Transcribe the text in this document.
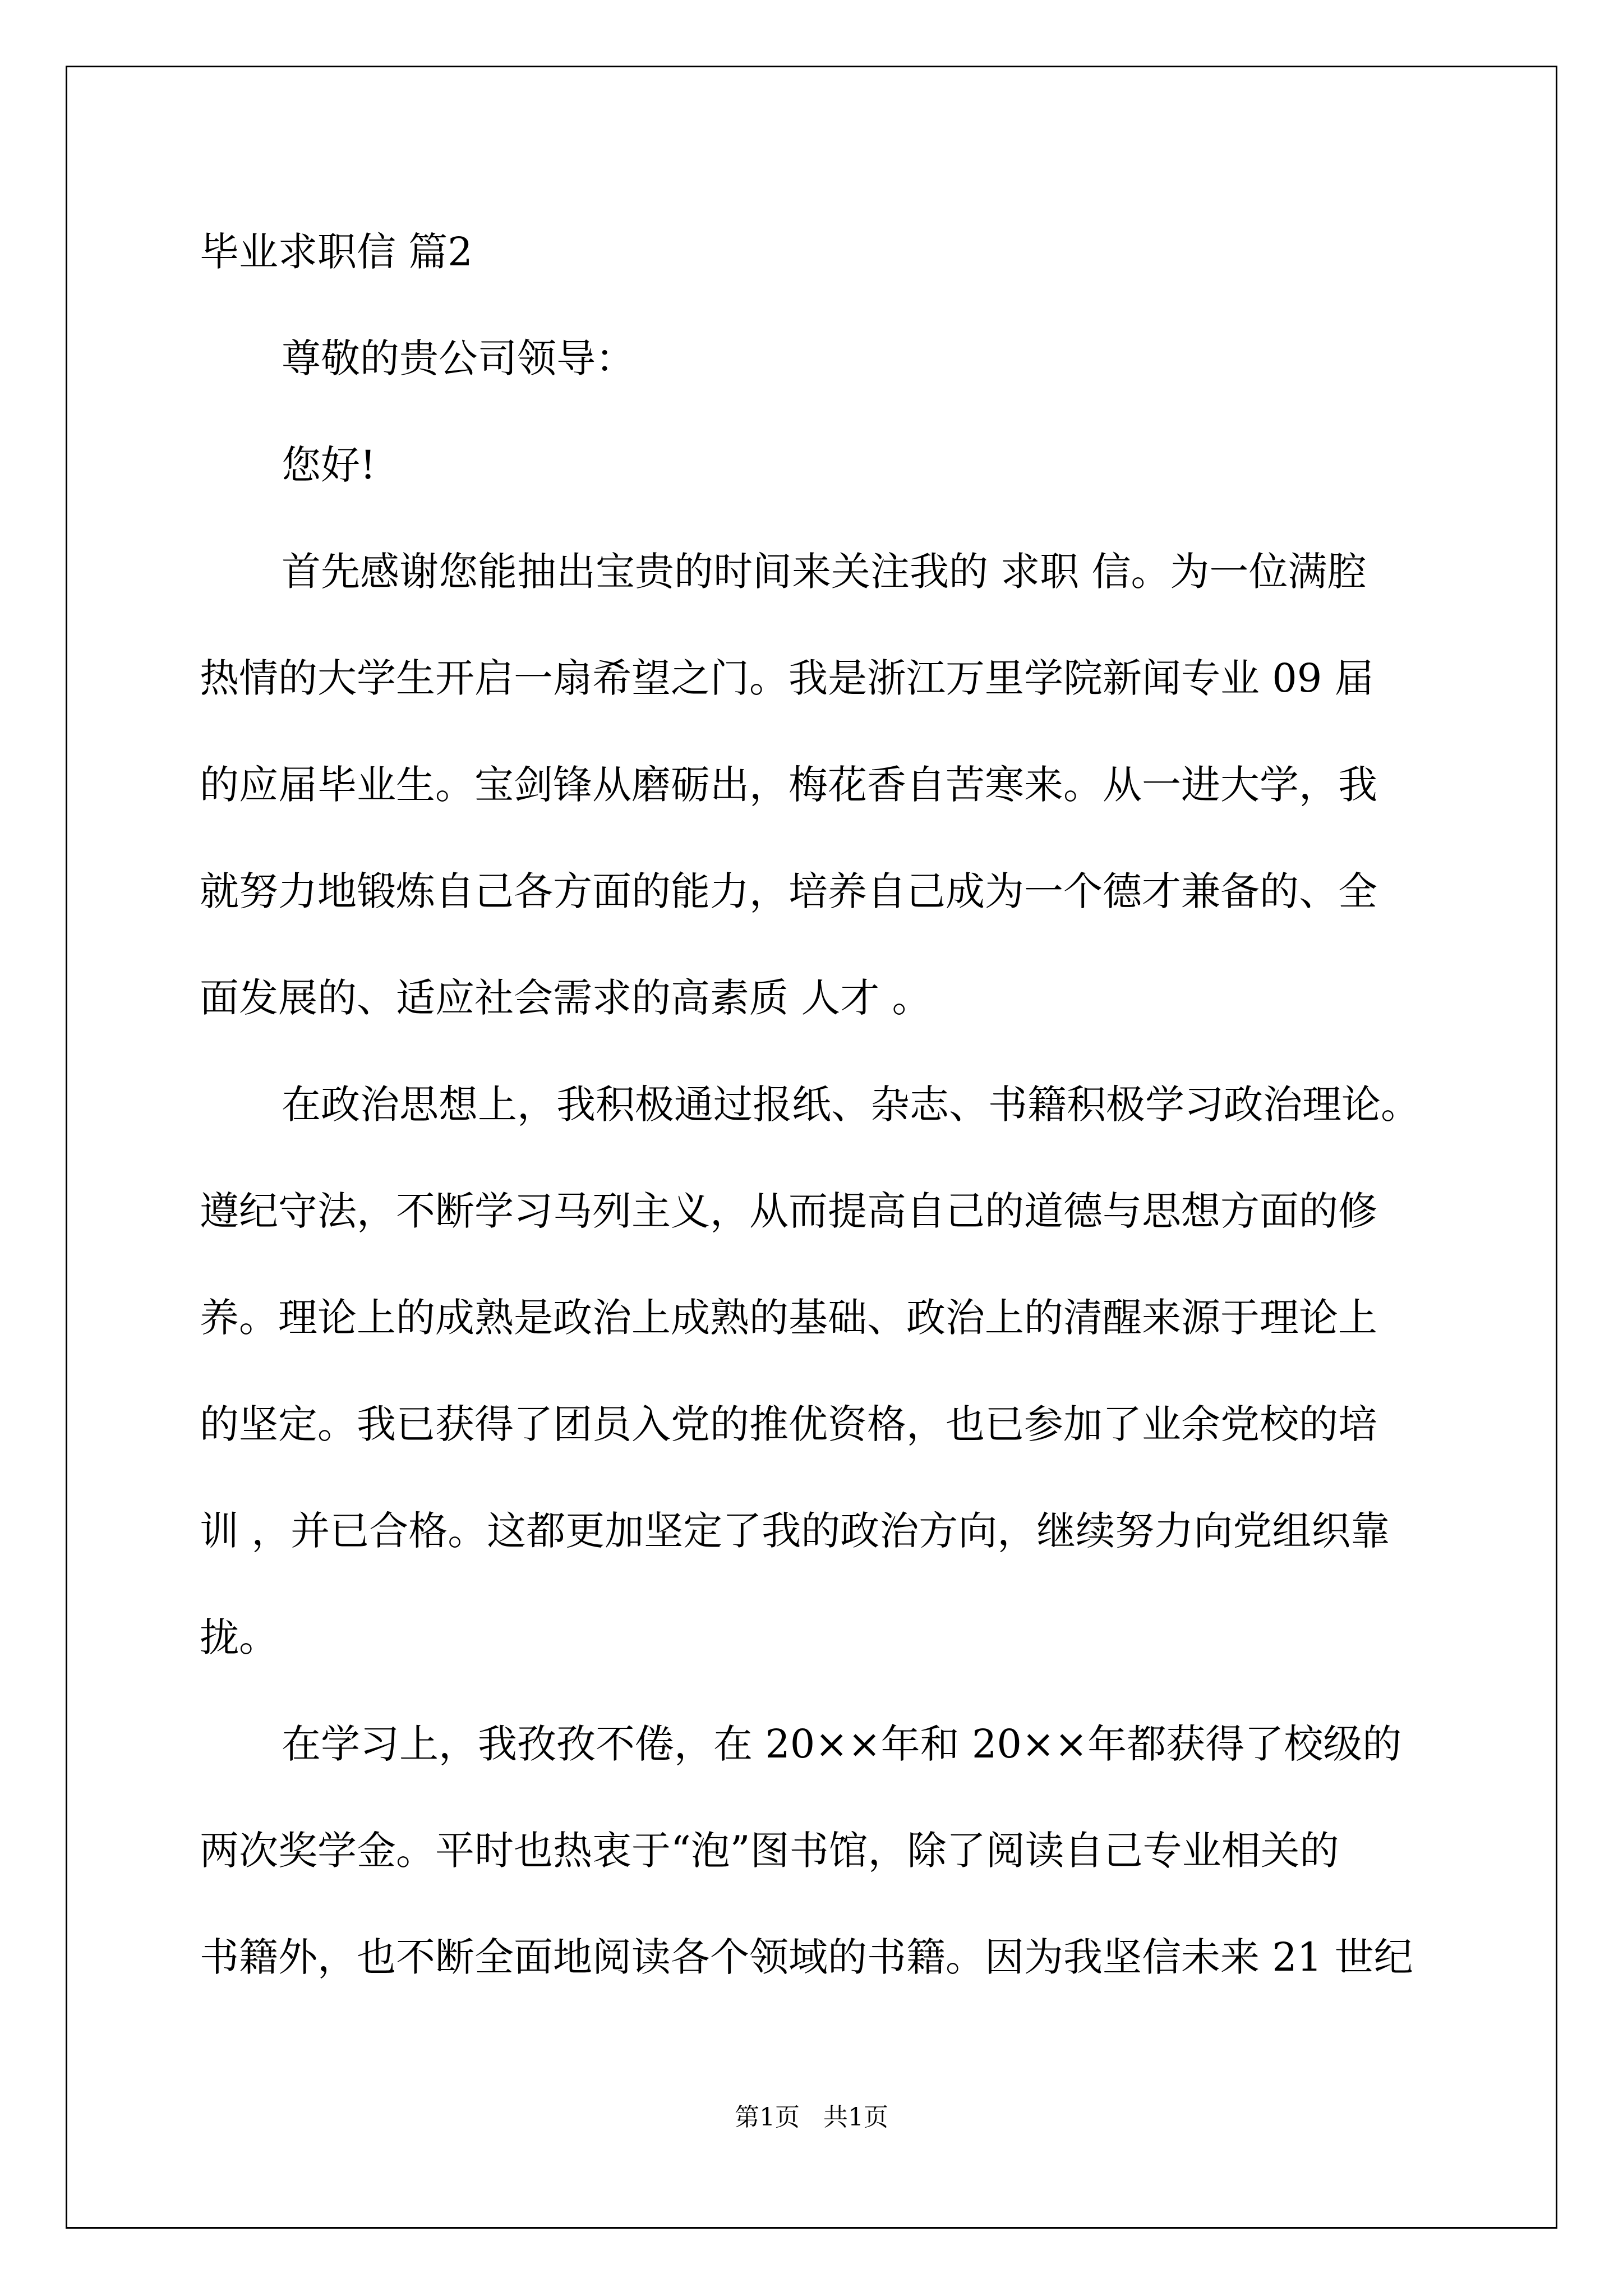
毕业求职信 篇2
尊敬的贵公司领导：
您好!
首先感谢您能抽出宝贵的时间来关注我的 求职 信。为一位满腔
热情的大学生开启一扇希望之门。我是浙江万里学院新闻专业 09 届
的应届毕业生。宝剑锋从磨砺出，梅花香自苦寒来。从一进大学，我
就努力地锻炼自己各方面的能力，培养自己成为一个德才兼备的、全
面发展的、适应社会需求的高素质 人才 。
在政治思想上，我积极通过报纸、杂志、书籍积极学习政治理论。
遵纪守法，不断学习马列主义，从而提高自己的道德与思想方面的修
养。理论上的成熟是政治上成熟的基础、政治上的清醒来源于理论上
的坚定。我已获得了团员入党的推优资格，也已参加了业余党校的培
训 ，并已合格。这都更加坚定了我的政治方向，继续努力向党组织靠
拢。
在学习上，我孜孜不倦，在 20××年和 20××年都获得了校级的
两次奖学金。平时也热衷于“泡”图书馆，除了阅读自己专业相关的
书籍外，也不断全面地阅读各个领域的书籍。因为我坚信未来 21 世纪
第1页   共1页
